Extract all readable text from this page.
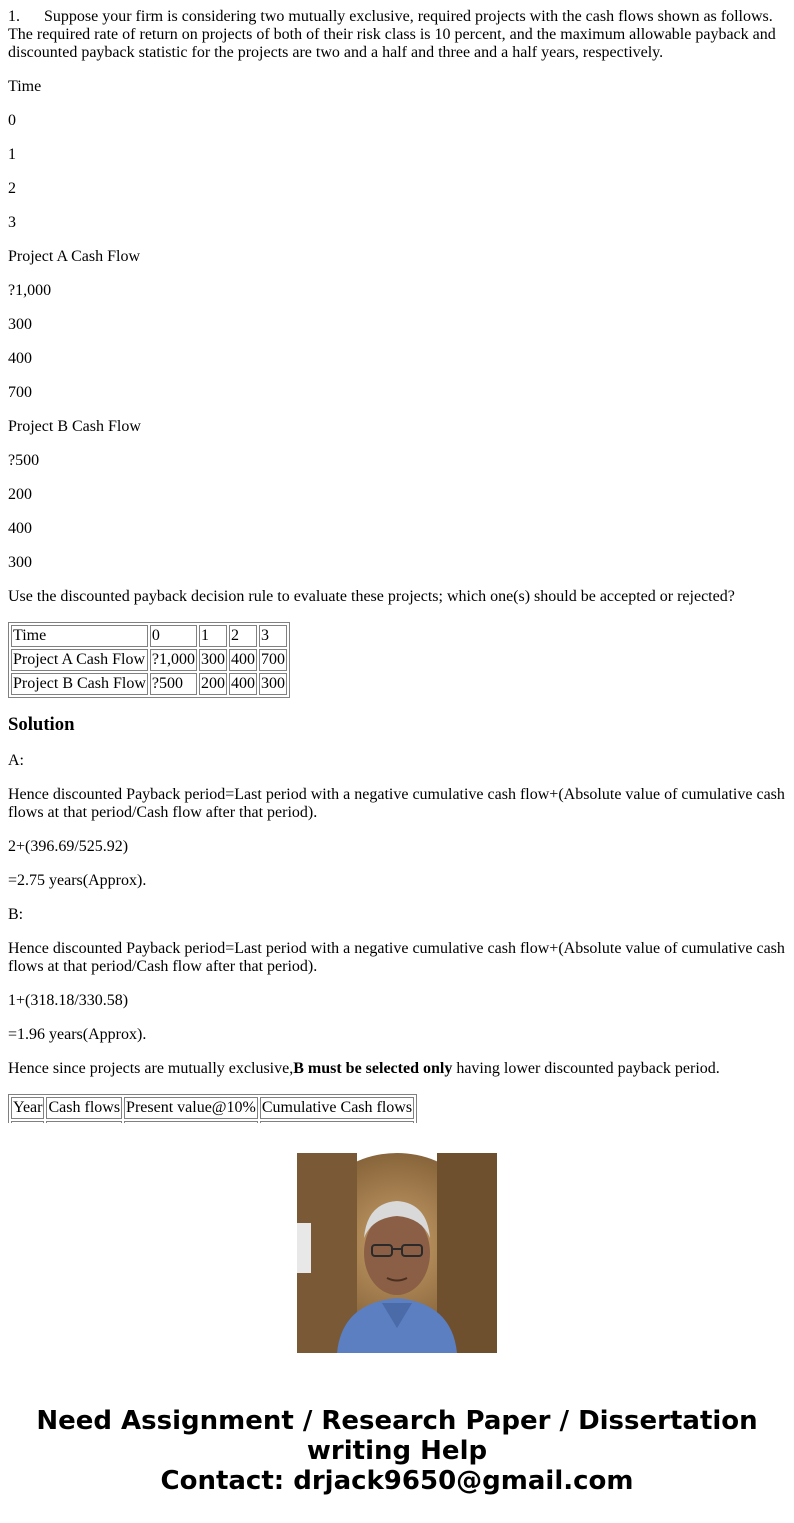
1. Suppose your firm is considering two mutually exclusive, required projects with the cash flows shown as follows. The required rate of return on projects of both of their risk class is 10 percent, and the maximum allowable payback and discounted payback statistic for the projects are two and a half and three and a half years, respectively.

Time

0

1

2

3

Project A Cash Flow

?1,000

300

400

700

Project B Cash Flow

?500

200

400

300

Use the discounted payback decision rule to evaluate these projects; which one(s) should be accepted or rejected?

Time	0	1	2	3
Project A Cash Flow	?1,000	300	400	700
Project B Cash Flow	?500	200	400	300
Solution

A:

Hence discounted Payback period=Last period with a negative cumulative cash flow+(Absolute value of cumulative cash flows at that period/Cash flow after that period).

2+(396.69/525.92)

=2.75 years(Approx).

B:

Hence discounted Payback period=Last period with a negative cumulative cash flow+(Absolute value of cumulative cash flows at that period/Cash flow after that period).

1+(318.18/330.58)

=1.96 years(Approx).

Hence since projects are mutually exclusive,B must be selected only having lower discounted payback period.

Year	Cash flows	Present value@10%	Cumulative Cash flows

Need Assignment / Research Paper / Dissertation
writing Help
Contact: drjack9650@gmail.com
